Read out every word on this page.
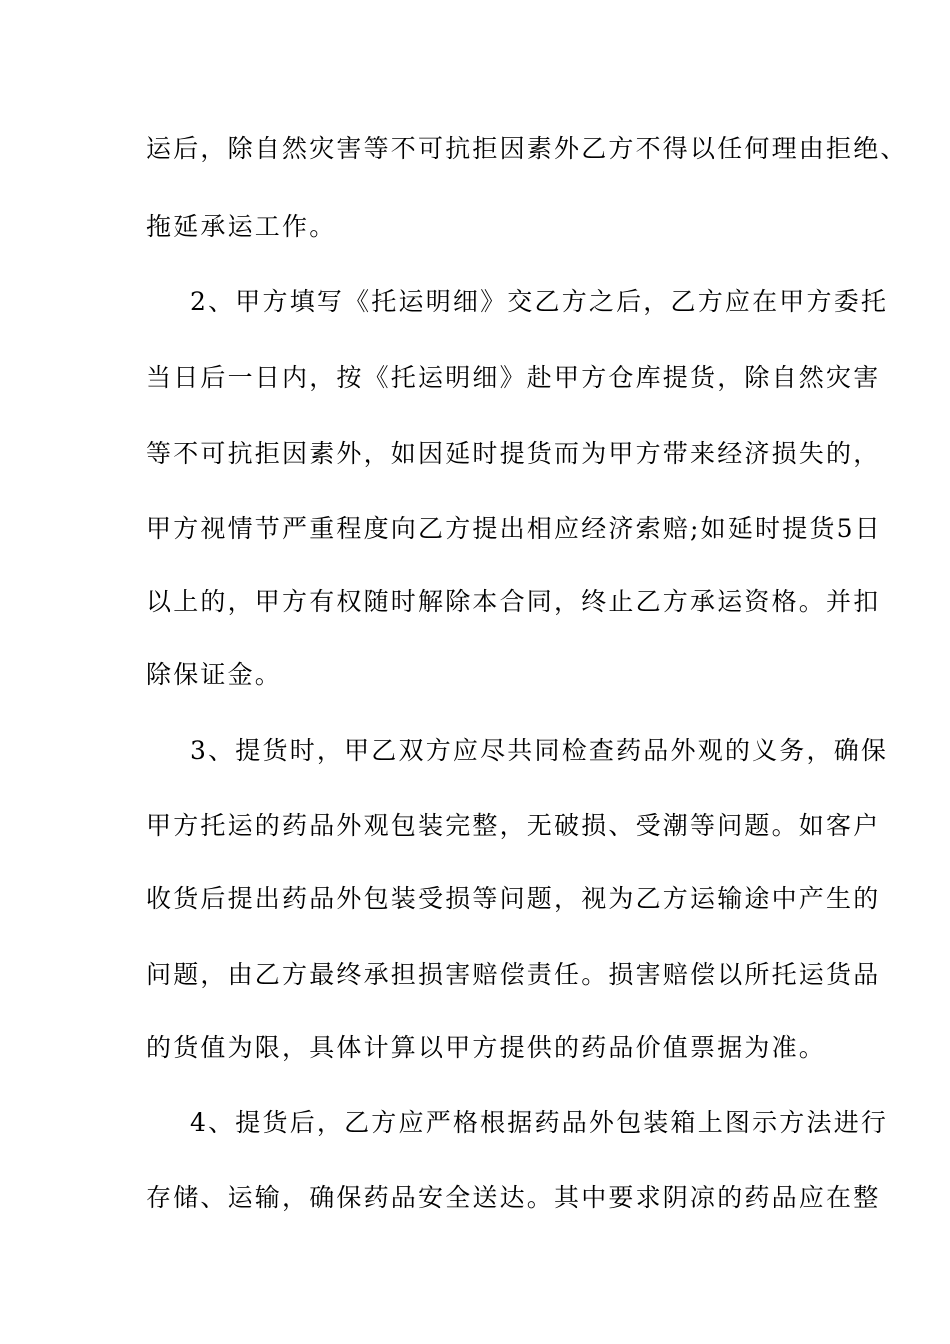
运后，除自然灾害等不可抗拒因素外乙方不得以任何理由拒绝、
拖延承运工作。
2、甲方填写《托运明细》交乙方之后，乙方应在甲方委托
当日后一日内，按《托运明细》赴甲方仓库提货，除自然灾害
等不可抗拒因素外，如因延时提货而为甲方带来经济损失的，
甲方视情节严重程度向乙方提出相应经济索赔;如延时提货5日
以上的，甲方有权随时解除本合同，终止乙方承运资格。并扣
除保证金。
3、提货时，甲乙双方应尽共同检查药品外观的义务，确保
甲方托运的药品外观包装完整，无破损、受潮等问题。如客户
收货后提出药品外包装受损等问题，视为乙方运输途中产生的
问题，由乙方最终承担损害赔偿责任。损害赔偿以所托运货品
的货值为限，具体计算以甲方提供的药品价值票据为准。
4、提货后，乙方应严格根据药品外包装箱上图示方法进行
存储、运输，确保药品安全送达。其中要求阴凉的药品应在整
